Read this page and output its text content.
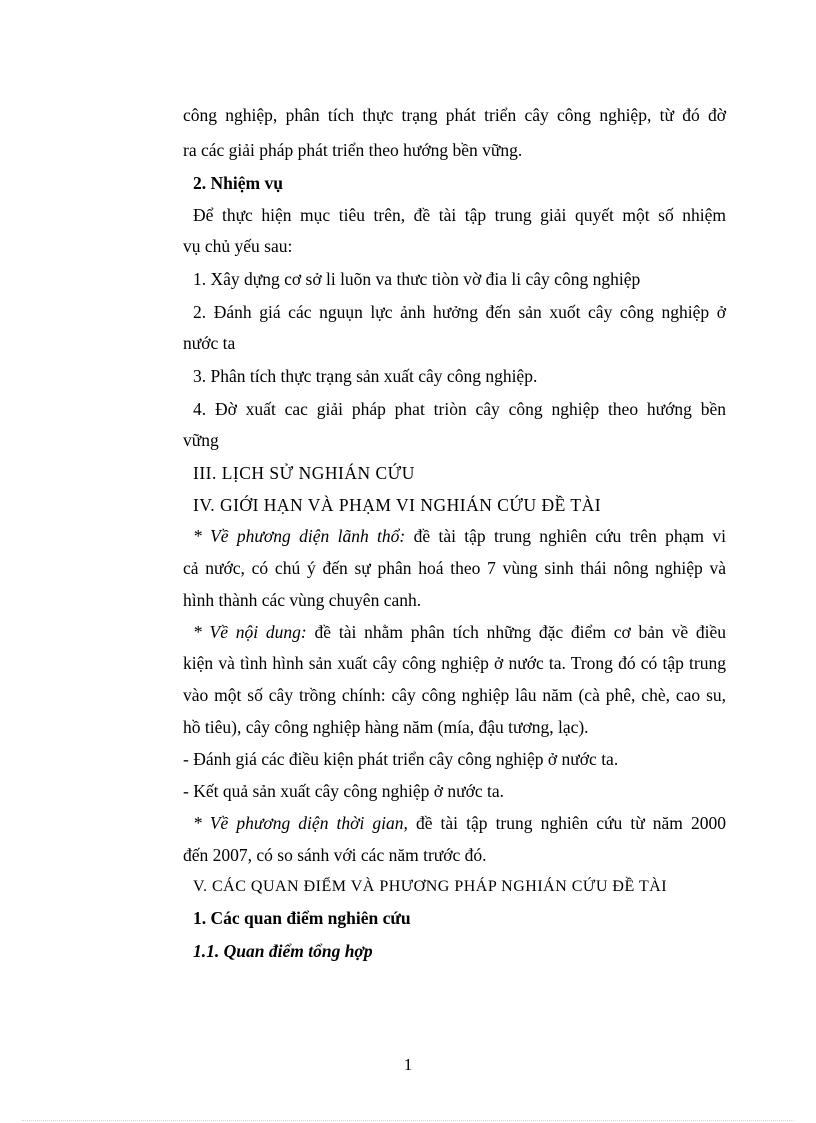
công nghiệp, phân tích thực trạng phát triển cây công nghiệp, từ đó đờ
ra các giải pháp phát triển theo hướng bền vững.
2. Nhiệm vụ
Để thực hiện mục tiêu trên, đề tài tập trung giải quyết một số nhiệm
vụ chủ yếu sau:
1. Xây dựng cơ sở li luõn va thưc tiòn vờ đia li cây công nghiệp
2. Đánh giá các nguụn lực ảnh hưởng đến sản xuốt cây công nghiệp ở
nước ta
3. Phân tích thực trạng sản xuất cây công nghiệp.
4. Đờ xuất cac giải pháp phat triòn cây công nghiệp theo hướng bền
vững
III. LỊCH SỬ NGHIÁN CỨU
IV. GIỚI HẠN VÀ PHẠM VI NGHIÁN CỨU ĐỀ TÀI
* Về phương diện lãnh thổ: đề tài tập trung nghiên cứu trên phạm vi
cả nước, có chú ý đến sự phân hoá theo 7 vùng sinh thái nông nghiệp và
hình thành các vùng chuyên canh.
* Về nội dung: đề tài nhằm phân tích những đặc điểm cơ bản về điều
kiện và tình hình sản xuất cây công nghiệp ở nước ta. Trong đó có tập trung
vào một số cây trồng chính: cây công nghiệp lâu năm (cà phê, chè, cao su,
hồ tiêu), cây công nghiệp hàng năm (mía, đậu tương, lạc).
- Đánh giá các điều kiện phát triển cây công nghiệp ở nước ta.
- Kết quả sản xuất cây công nghiệp ở nước ta.
* Về phương diện thời gian, đề tài tập trung nghiên cứu từ năm 2000
đến 2007, có so sánh với các năm trước đó.
V. CÁC QUAN ĐIỂM VÀ PHƯƠNG PHÁP NGHIÁN CỨU ĐỀ TÀI
1. Các quan điểm nghiên cứu
1.1. Quan điểm tổng hợp
1
